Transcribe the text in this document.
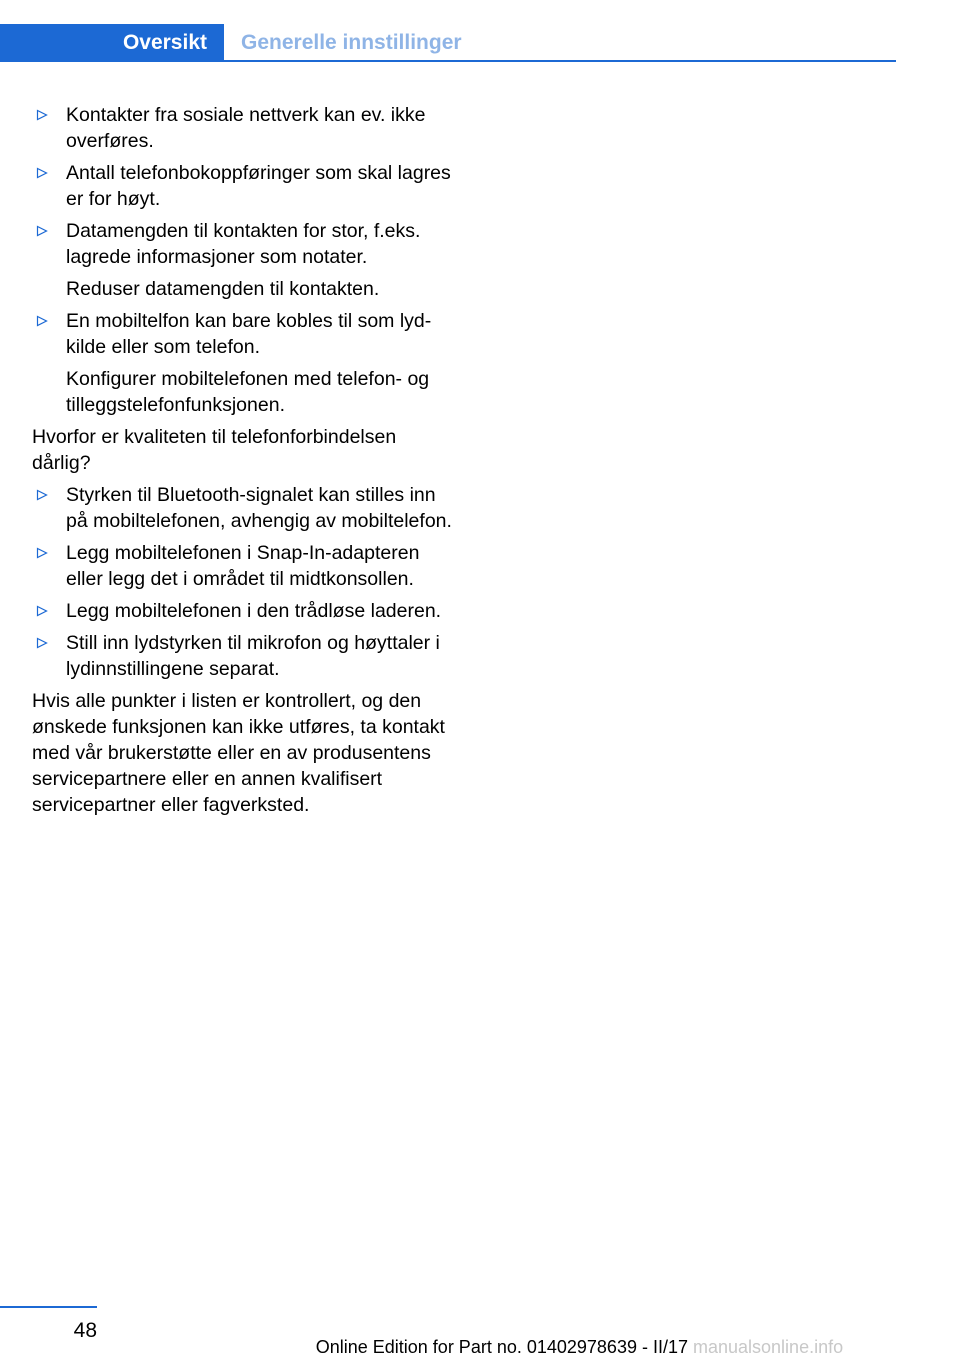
Oversikt	Generelle innstillinger
Kontakter fra sosiale nettverk kan ev. ikke overføres.
Antall telefonbokoppføringer som skal lagres er for høyt.
Datamengden til kontakten for stor, f.eks. lagrede informasjoner som notater.

Reduser datamengden til kontakten.

En mobiltelfon kan bare kobles til som lydkilde eller som telefon.

Konfigurer mobiltelefonen med telefon- og tilleggstelefonfunksjonen.

Hvorfor er kvaliteten til telefonforbindelsen dårlig?

Styrken til Bluetooth-signalet kan stilles inn på mobiltelefonen, avhengig av mobiltelefon.
Legg mobiltelefonen i Snap-In-adapteren eller legg det i området til midtkonsollen.
Legg mobiltelefonen i den trådløse laderen.
Still inn lydstyrken til mikrofon og høyttaler i lydinnstillingene separat.

Hvis alle punkter i listen er kontrollert, og den ønskede funksjonen kan ikke utføres, ta kontakt med vår brukerstøtte eller en av produsentens servicepartnere eller en annen kvalifisert servicepartner eller fagverksted.

48
Online Edition for Part no. 01402978639 - II/17 manualsonline.info
